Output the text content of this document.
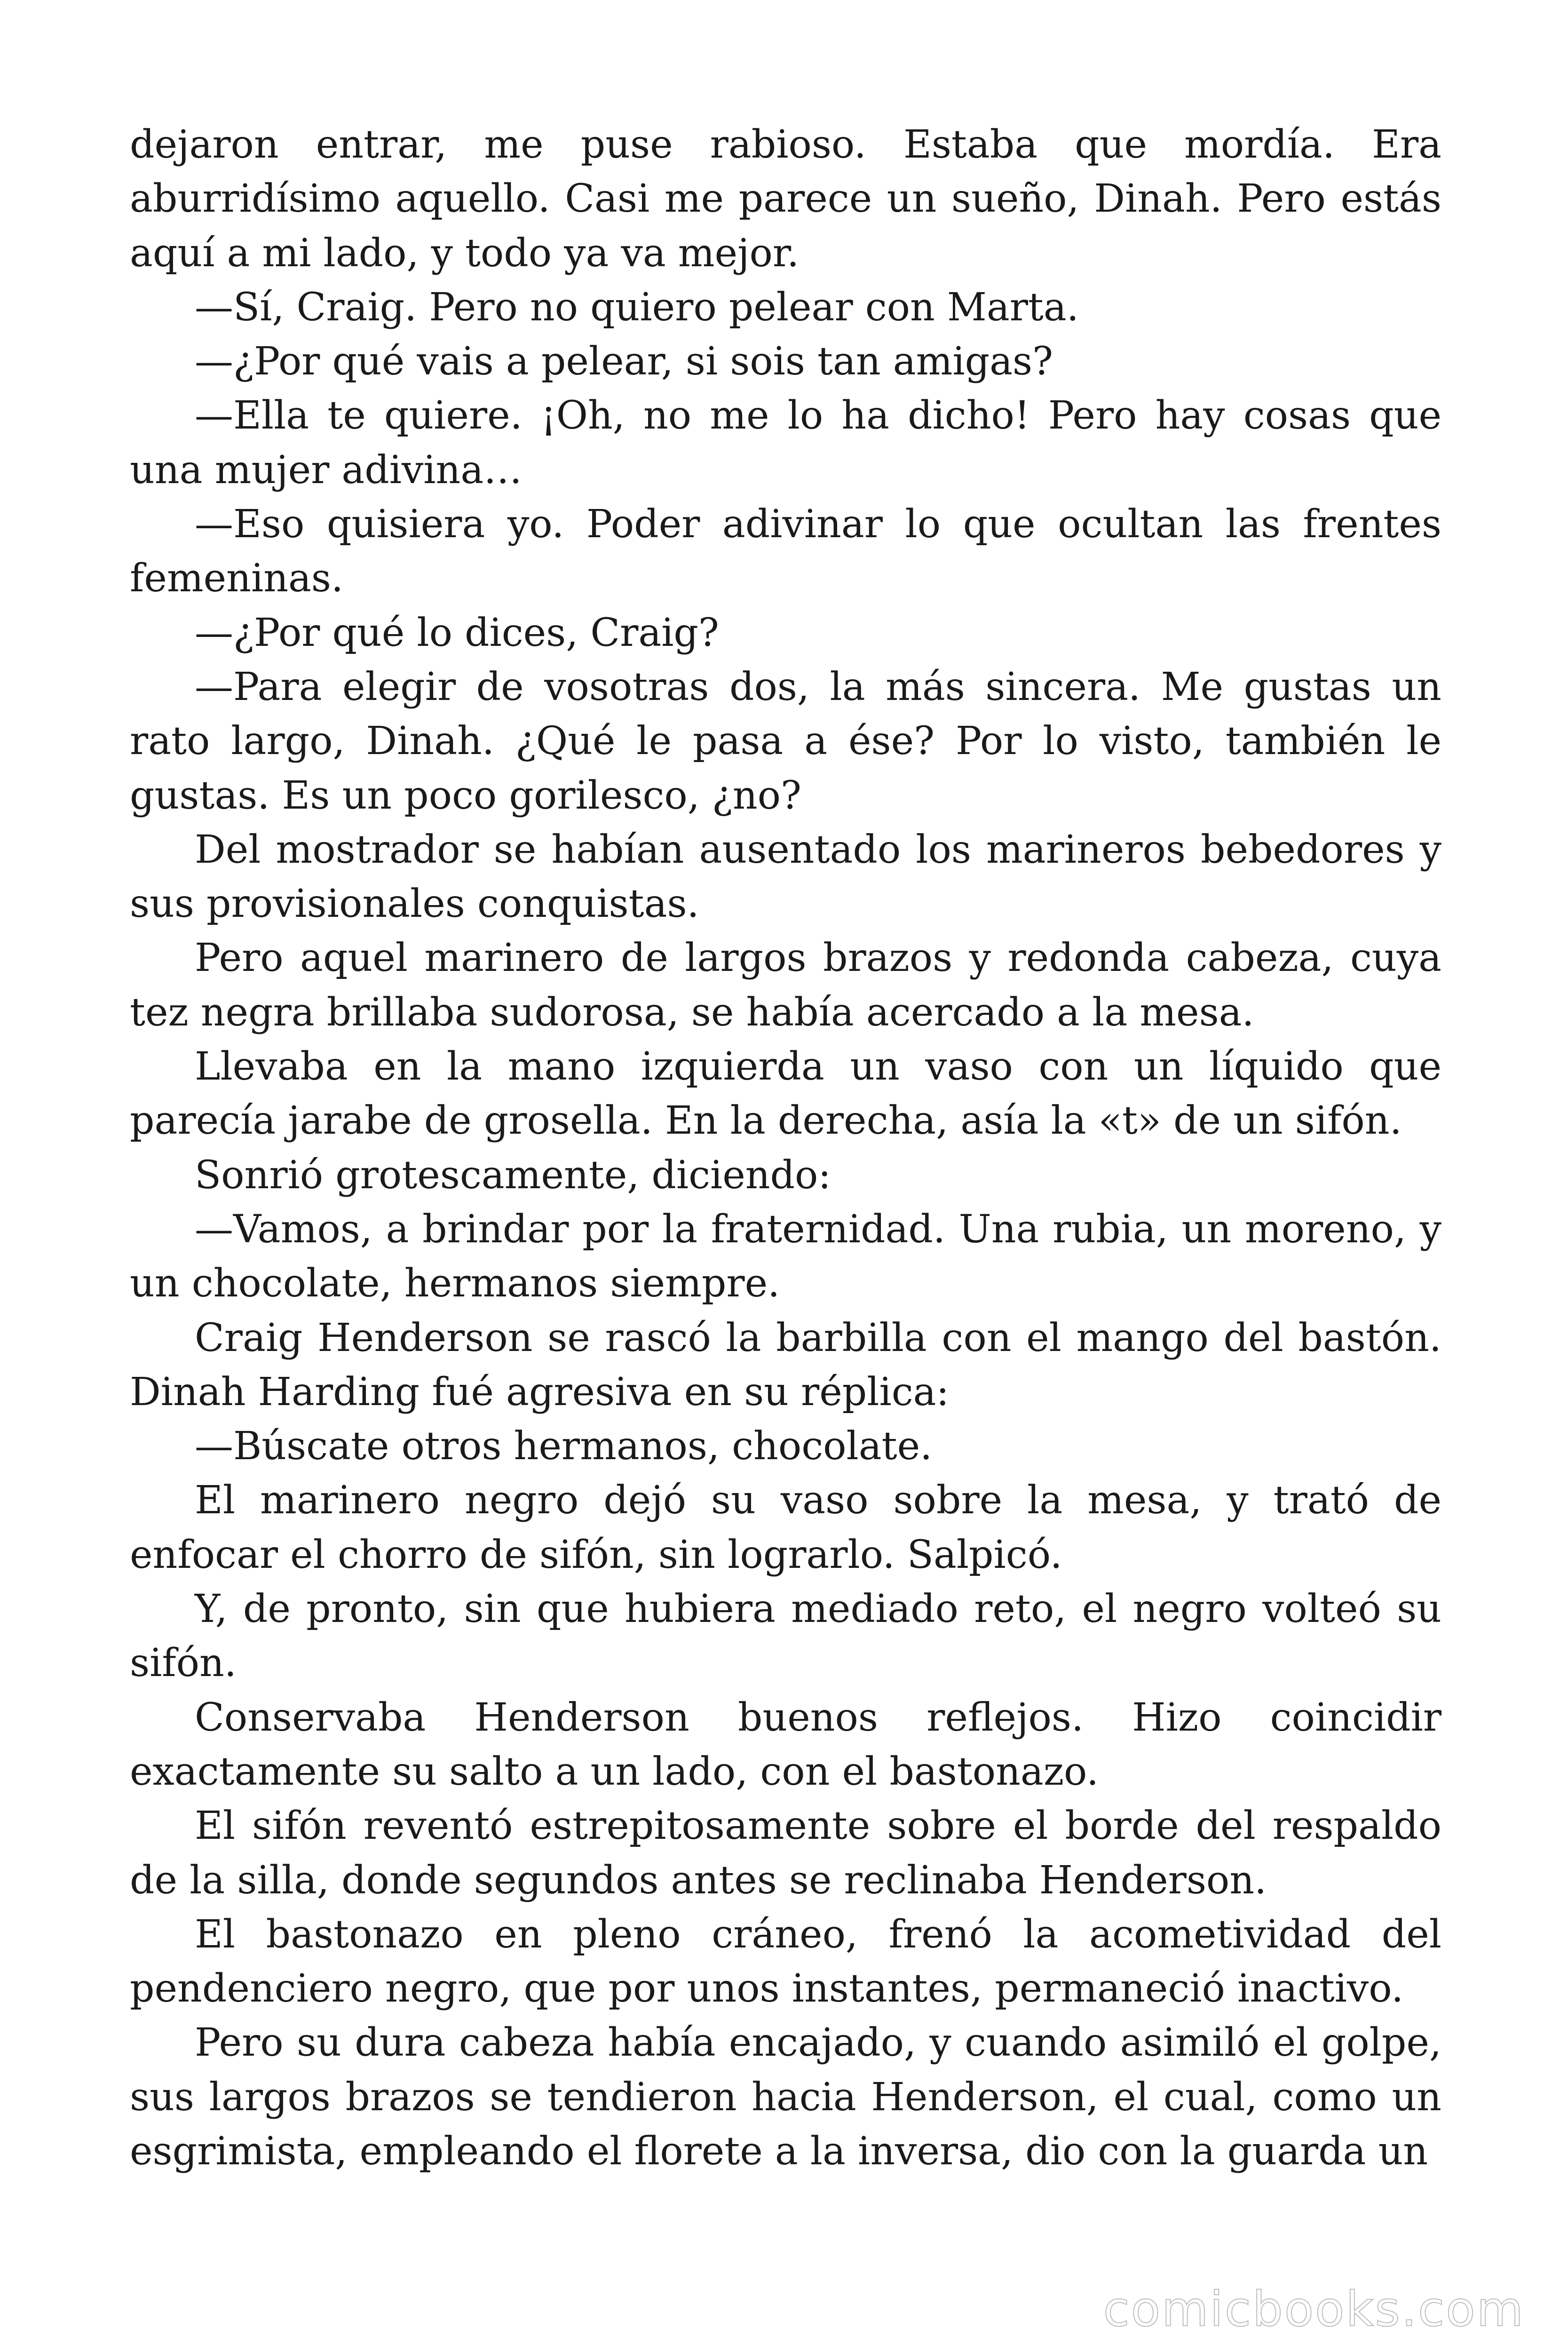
dejaron entrar, me puse rabioso. Estaba que mordía. Era aburridísimo aquello. Casi me parece un sueño, Dinah. Pero estás aquí a mi lado, y todo ya va mejor.

—Sí, Craig. Pero no quiero pelear con Marta.

—¿Por qué vais a pelear, si sois tan amigas?

—Ella te quiere. ¡Oh, no me lo ha dicho! Pero hay cosas que una mujer adivina…

—Eso quisiera yo. Poder adivinar lo que ocultan las frentes femeninas.

—¿Por qué lo dices, Craig?

—Para elegir de vosotras dos, la más sincera. Me gustas un rato largo, Dinah. ¿Qué le pasa a ése? Por lo visto, también le gustas. Es un poco gorilesco, ¿no?

Del mostrador se habían ausentado los marineros bebedores y sus provisionales conquistas.

Pero aquel marinero de largos brazos y redonda cabeza, cuya tez negra brillaba sudorosa, se había acercado a la mesa.

Llevaba en la mano izquierda un vaso con un líquido que parecía jarabe de grosella. En la derecha, asía la «t» de un sifón.

Sonrió grotescamente, diciendo:

—Vamos, a brindar por la fraternidad. Una rubia, un moreno, y un chocolate, hermanos siempre.

Craig Henderson se rascó la barbilla con el mango del bastón. Dinah Harding fué agresiva en su réplica:

—Búscate otros hermanos, chocolate.

El marinero negro dejó su vaso sobre la mesa, y trató de enfocar el chorro de sifón, sin lograrlo. Salpicó.

Y, de pronto, sin que hubiera mediado reto, el negro volteó su sifón.

Conservaba Henderson buenos reflejos. Hizo coincidir exactamente su salto a un lado, con el bastonazo.

El sifón reventó estrepitosamente sobre el borde del respaldo de la silla, donde segundos antes se reclinaba Henderson.

El bastonazo en pleno cráneo, frenó la acometividad del pendenciero negro, que por unos instantes, permaneció inactivo.

Pero su dura cabeza había encajado, y cuando asimiló el golpe, sus largos brazos se tendieron hacia Henderson, el cual, como un esgrimista, empleando el florete a la inversa, dio con la guarda un

comicbooks.com
